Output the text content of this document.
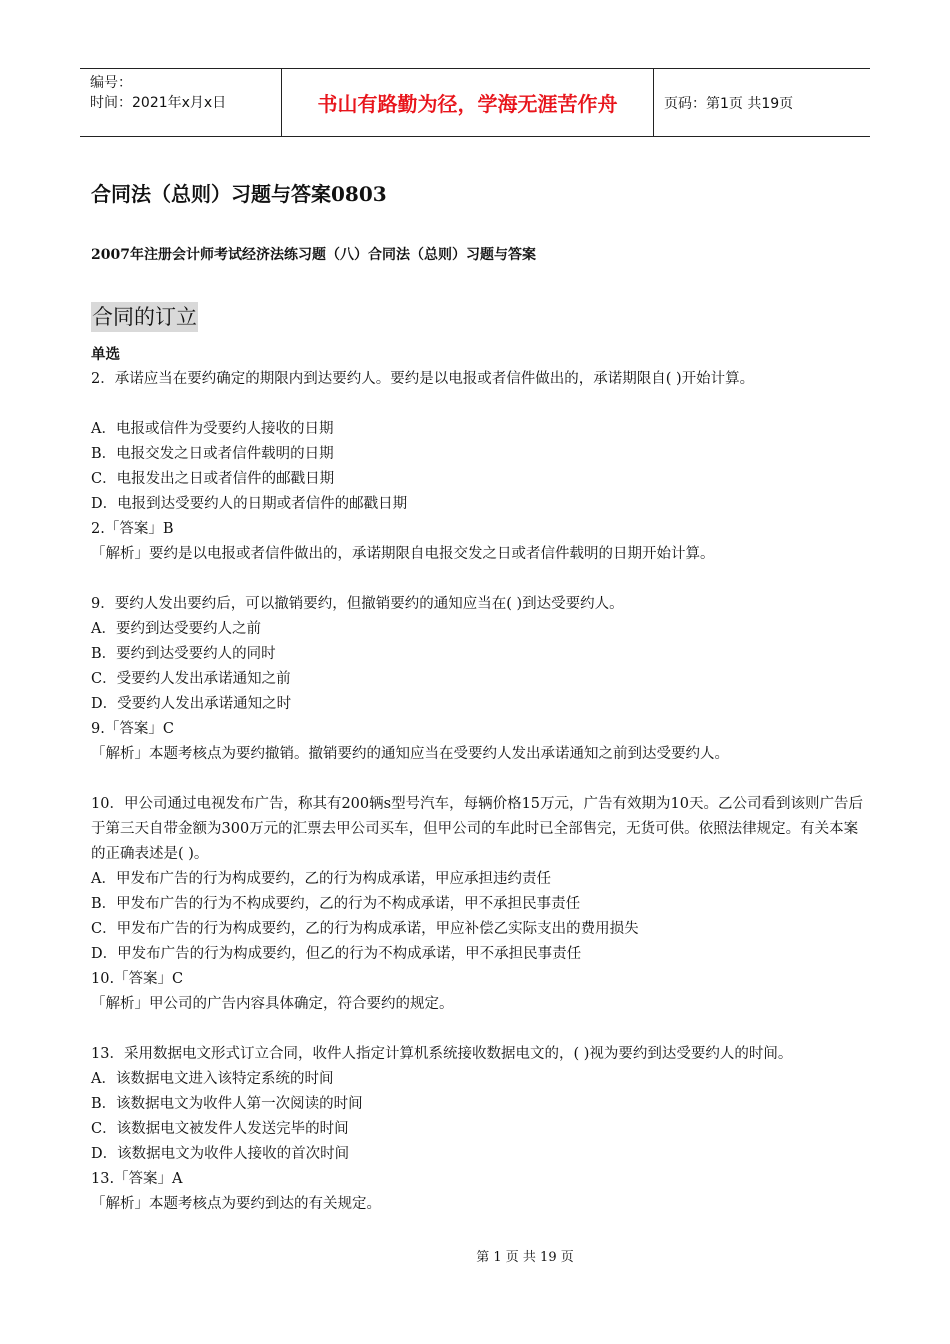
编号：
时间：2021年x月x日	书山有路勤为径，学海无涯苦作舟	页码：第1页 共19页
合同法（总则）习题与答案0803
2007年注册会计师考试经济法练习题（八）合同法（总则）习题与答案
合同的订立

单选

2．承诺应当在要约确定的期限内到达要约人。要约是以电报或者信件做出的，承诺期限自( )开始计算。

A．电报或信件为受要约人接收的日期

B．电报交发之日或者信件载明的日期

C．电报发出之日或者信件的邮戳日期

D．电报到达受要约人的日期或者信件的邮戳日期

2.「答案」B

「解析」要约是以电报或者信件做出的，承诺期限自电报交发之日或者信件载明的日期开始计算。

9．要约人发出要约后，可以撤销要约，但撤销要约的通知应当在( )到达受要约人。

A．要约到达受要约人之前

B．要约到达受要约人的同时

C．受要约人发出承诺通知之前

D．受要约人发出承诺通知之时

9.「答案」C

「解析」本题考核点为要约撤销。撤销要约的通知应当在受要约人发出承诺通知之前到达受要约人。

10．甲公司通过电视发布广告，称其有200辆s型号汽车，每辆价格15万元，广告有效期为10天。乙公司看到该则广告后于第三天自带金额为300万元的汇票去甲公司买车，但甲公司的车此时已全部售完，无货可供。依照法律规定。有关本案的正确表述是( )。

A．甲发布广告的行为构成要约，乙的行为构成承诺，甲应承担违约责任

B．甲发布广告的行为不构成要约，乙的行为不构成承诺，甲不承担民事责任

C．甲发布广告的行为构成要约，乙的行为构成承诺，甲应补偿乙实际支出的费用损失

D．甲发布广告的行为构成要约，但乙的行为不构成承诺，甲不承担民事责任

10.「答案」C

「解析」甲公司的广告内容具体确定，符合要约的规定。

13．采用数据电文形式订立合同，收件人指定计算机系统接收数据电文的，( )视为要约到达受要约人的时间。

A．该数据电文进入该特定系统的时间

B．该数据电文为收件人第一次阅读的时间

C．该数据电文被发件人发送完毕的时间

D．该数据电文为收件人接收的首次时间

13.「答案」A

「解析」本题考核点为要约到达的有关规定。

第 1 页 共 19 页
